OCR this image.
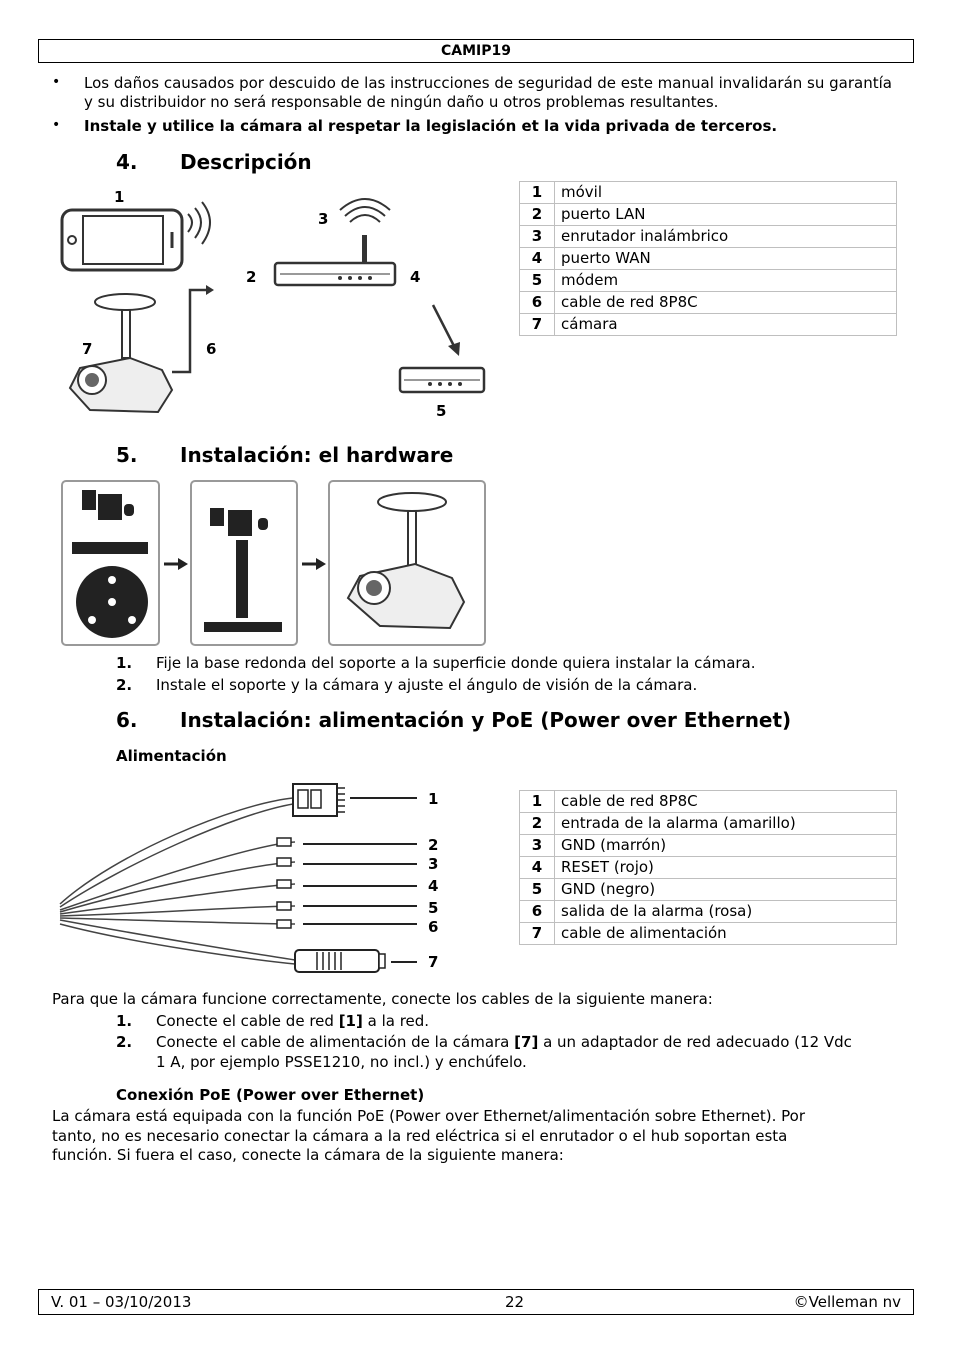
CAMIP19
• Los daños causados por descuido de las instrucciones de seguridad de este manual invalidarán su garantía y su distribuidor no será responsable de ningún daño u otros problemas resultantes.
• Instale y utilice la cámara al respetar la legislación et la vida privada de terceros.
4. Descripción
1
2
3
4
5
6
7
1	móvil
2	puerto LAN
3	enrutador inalámbrico
4	puerto WAN
5	módem
6	cable de red 8P8C
7	cámara
5. Instalación: el hardware
1. Fije la base redonda del soporte a la superficie donde quiera instalar la cámara.
2. Instale el soporte y la cámara y ajuste el ángulo de visión de la cámara.
6. Instalación: alimentación y PoE (Power over Ethernet)
Alimentación
1
2
3
4
5
6
7
1	cable de red 8P8C
2	entrada de la alarma (amarillo)
3	GND (marrón)
4	RESET (rojo)
5	GND (negro)
6	salida de la alarma (rosa)
7	cable de alimentación
Para que la cámara funcione correctamente, conecte los cables de la siguiente manera:
1. Conecte el cable de red [1] a la red.
2. Conecte el cable de alimentación de la cámara [7] a un adaptador de red adecuado (12 Vdc
1 A, por ejemplo PSSE1210, no incl.) y enchúfelo.
Conexión PoE (Power over Ethernet)
La cámara está equipada con la función PoE (Power over Ethernet/alimentación sobre Ethernet). Por
tanto, no es necesario conectar la cámara a la red eléctrica si el enrutador o el hub soportan esta
función. Si fuera el caso, conecte la cámara de la siguiente manera:
V. 01 – 03/10/2013	22	©Velleman nv
